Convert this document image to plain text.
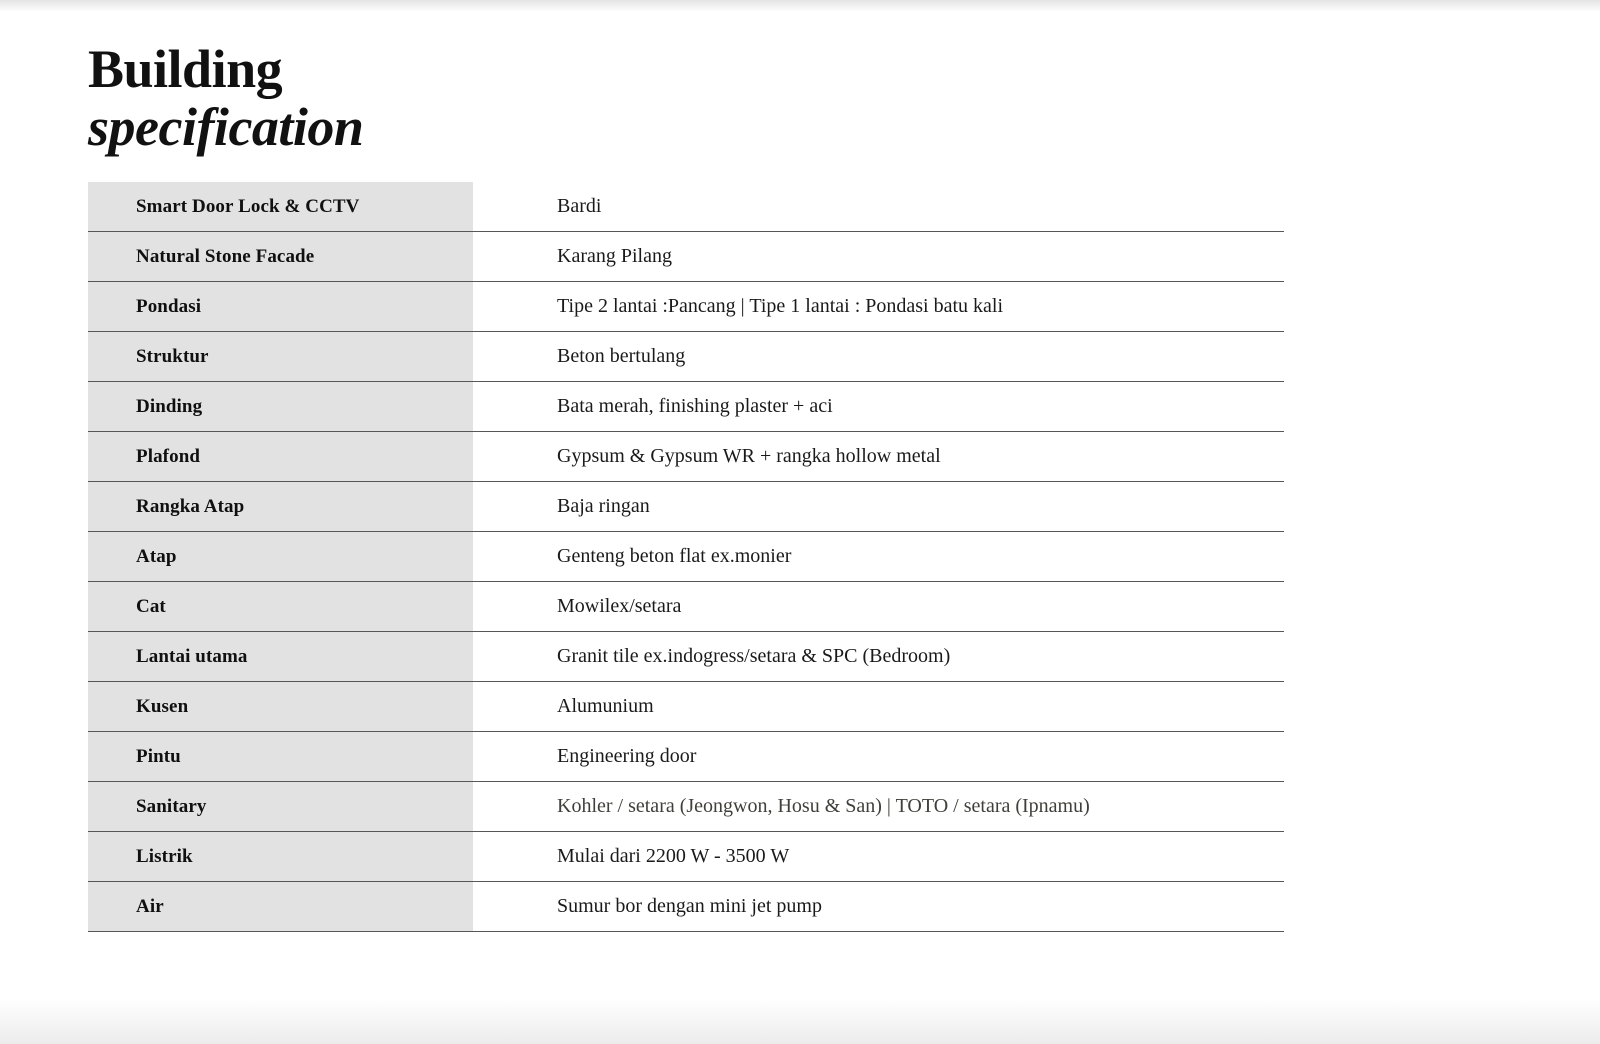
Building
specification
Smart Door Lock & CCTV	Bardi
Natural Stone Facade	Karang Pilang
Pondasi	Tipe 2 lantai :Pancang | Tipe 1 lantai : Pondasi batu kali
Struktur	Beton bertulang
Dinding	Bata merah, finishing plaster + aci
Plafond	Gypsum & Gypsum WR + rangka hollow metal
Rangka Atap	Baja ringan
Atap	Genteng beton flat ex.monier
Cat	Mowilex/setara
Lantai utama	Granit tile ex.indogress/setara & SPC (Bedroom)
Kusen	Alumunium
Pintu	Engineering door
Sanitary	Kohler / setara (Jeongwon, Hosu & San) | TOTO / setara (Ipnamu)
Listrik	Mulai dari 2200 W - 3500 W
Air	Sumur bor dengan mini jet pump
